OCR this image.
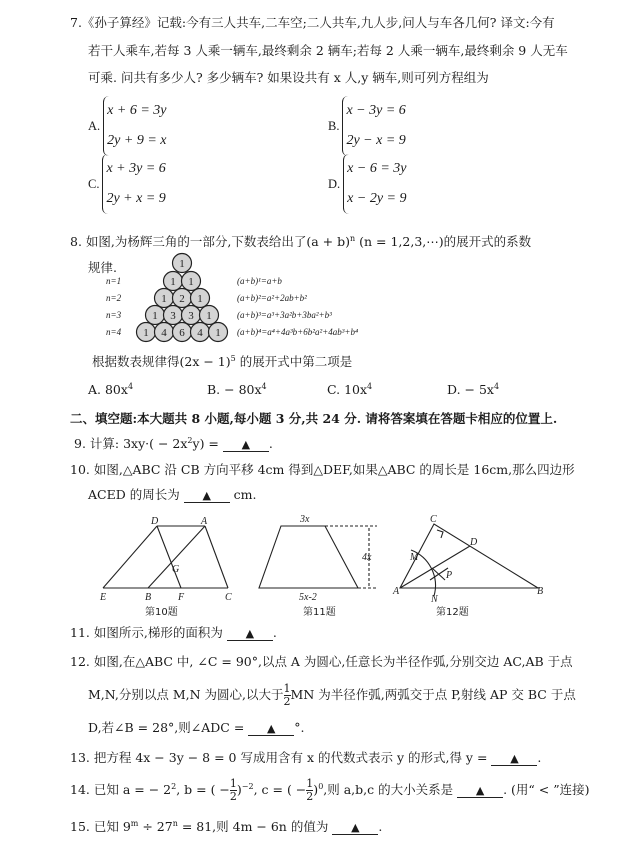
7.《孙子算经》记载:今有三人共车,二车空;二人共车,九人步,问人与车各几何? 译文:今有
若干人乘车,若每 3 人乘一辆车,最终剩余 2 辆车;若每 2 人乘一辆车,最终剩余 9 人无车
可乘. 问共有多少人? 多少辆车? 如果设共有 x 人,y 辆车,则可列方程组为
A.
x + 6 = 3y
2y + 9 = x
B.
x − 3y = 6
2y − x = 9
C.
x + 3y = 6
2y + x = 9
D.
x − 6 = 3y
x − 2y = 9
8. 如图,为杨辉三角的一部分,下数表给出了$(a + b)^n$ (n = 1,2,3,⋯)的展开式的系数
规律.	1
1 1
n=1	(a+b)¹=a+b
1 2 1
n=2	(a+b)²=a²+2ab+b²
1 3 3 1
n=3	(a+b)³=a³+3a²b+3ba²+b³
1 4 6 4 1
n=4	(a+b)⁴=a⁴+4a³b+6b²a²+4ab³+b⁴
根据数表规律得$(2x - 1)^5$ 的展开式中第二项是
A. $80x^4$	B. − $80x^4$	C. $10x^4$	D. − $5x^4$
二、填空题:本大题共 8 小题,每小题 3 分,共 24 分. 请将答案填在答题卡相应的位置上.
9. 计算: $3xy\cdot( - 2x^2y)$ = ▲ .
10. 如图,△ABC 沿 CB 方向平移 4cm 得到△DEF,如果△ABC 的周长是 16cm,那么四边形
ACED 的周长为 ▲ cm.
D	A
G
E	B	F	C
3x
4x
5x-2
C
D
M
P
A
N
B
第10题	第11题	第12题
11. 如图所示,梯形的面积为 ▲ .
12. 如图,在△ABC 中, ∠C = 90°,以点 A 为圆心,任意长为半径作弧,分别交边 AC,AB 于点
M,N,分别以点 M,N 为圆心,以大于 $\frac{1}{2}$ MN 为半径作弧,两弧交于点 P,射线 AP 交 BC 于点
D,若∠B = 28°,则∠ADC = ▲ °.
13. 把方程 4x − 3y − 8 = 0 写成用含有 x 的代数式表示 y 的形式,得 y = ▲ .
14. 已知 a = − $2^2$, b = ( − $\frac{1}{2} )^{-2}$, c = ( − $\frac{1}{2} )^0$,则 a,b,c 的大小关系是 ▲ . (用“ < ”连接)
15. 已知 $9^m \div 27^n = 81$,则 4m − 6n 的值为 ▲ .
